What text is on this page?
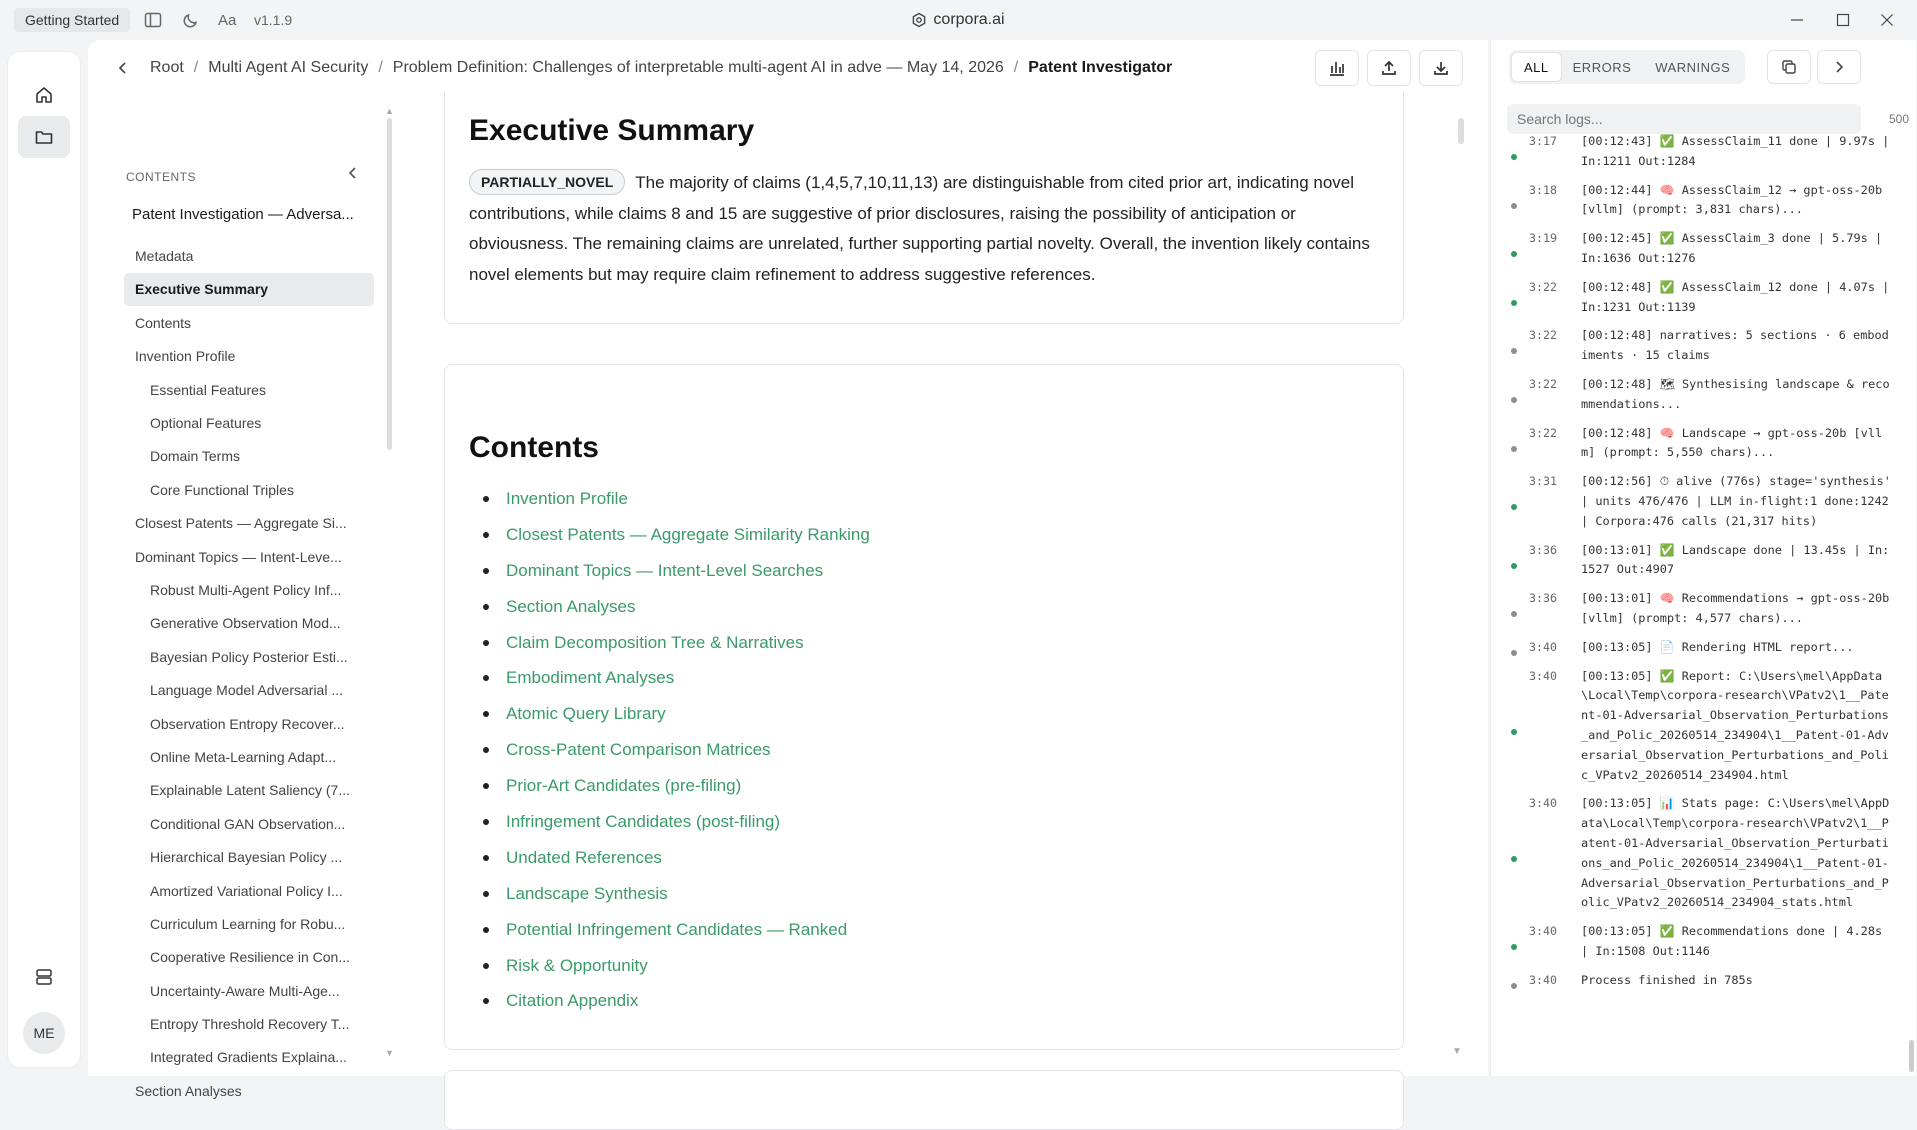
Getting Started	Aa v1.1.9	corpora.ai
ME
Root / Multi Agent AI Security / Problem Definition: Challenges of interpretable multi-agent AI in adve — May 14, 2026 / Patent Investigator
CONTENTS
Patent Investigation — Adversa...
Metadata
Executive Summary
Contents
Invention Profile
Essential Features
Optional Features
Domain Terms
Core Functional Triples
Closest Patents — Aggregate Si...
Dominant Topics — Intent-Leve...
Robust Multi-Agent Policy Inf...
Generative Observation Mod...
Bayesian Policy Posterior Esti...
Language Model Adversarial ...
Observation Entropy Recover...
Online Meta-Learning Adapt...
Explainable Latent Saliency (7...
Conditional GAN Observation...
Hierarchical Bayesian Policy ...
Amortized Variational Policy I...
Curriculum Learning for Robu...
Cooperative Resilience in Con...
Uncertainty-Aware Multi-Age...
Entropy Threshold Recovery T...
Integrated Gradients Explaina...
Section Analyses
▲
▼
Executive Summary
PARTIALLY_NOVEL The majority of claims (1,4,5,7,10,11,13) are distinguishable from cited prior art, indicating novel contributions, while claims 8 and 15 are suggestive of prior disclosures, raising the possibility of anticipation or obviousness. The remaining claims are unrelated, further supporting partial novelty. Overall, the invention likely contains novel elements but may require claim refinement to address suggestive references.
Contents
Invention Profile
Closest Patents — Aggregate Similarity Ranking
Dominant Topics — Intent-Level Searches
Section Analyses
Claim Decomposition Tree & Narratives
Embodiment Analyses
Atomic Query Library
Cross-Patent Comparison Matrices
Prior-Art Candidates (pre-filing)
Infringement Candidates (post-filing)
Undated References
Landscape Synthesis
Potential Infringement Candidates — Ranked
Risk & Opportunity
Citation Appendix
▼
ALL	ERRORS	WARNINGS
Search logs...
500
3:17 [00:12:43] ✅ AssessClaim_11 done | 9.97s | In:1211 Out:1284
3:18 [00:12:44] 🧠 AssessClaim_12 → gpt-oss-20b [vllm] (prompt: 3,831 chars)...
3:19 [00:12:45] ✅ AssessClaim_3 done | 5.79s | In:1636 Out:1276
3:22 [00:12:48] ✅ AssessClaim_12 done | 4.07s | In:1231 Out:1139
3:22 [00:12:48] narratives: 5 sections · 6 embodiments · 15 claims
3:22 [00:12:48] 🗺 Synthesising landscape & recommendations...
3:22 [00:12:48] 🧠 Landscape → gpt-oss-20b [vllm] (prompt: 5,550 chars)...
3:31 [00:12:56] ⏱ alive (776s) stage='synthesis' | units 476/476 | LLM in-flight:1 done:1242 | Corpora:476 calls (21,317 hits)
3:36 [00:13:01] ✅ Landscape done | 13.45s | In:1527 Out:4907
3:36 [00:13:01] 🧠 Recommendations → gpt-oss-20b [vllm] (prompt: 4,577 chars)...
3:40 [00:13:05] 📄 Rendering HTML report...
3:40 [00:13:05] ✅ Report: C:\Users\mel\AppData\Local\Temp\corpora-research\VPatv2\1__Patent-01-Adversarial_Observation_Perturbations_and_Polic_20260514_234904\1__Patent-01-Adversarial_Observation_Perturbations_and_Polic_VPatv2_20260514_234904.html
3:40 [00:13:05] 📊 Stats page: C:\Users\mel\AppData\Local\Temp\corpora-research\VPatv2\1__Patent-01-Adversarial_Observation_Perturbations_and_Polic_20260514_234904\1__Patent-01-Adversarial_Observation_Perturbations_and_Polic_VPatv2_20260514_234904_stats.html
3:40 [00:13:05] ✅ Recommendations done | 4.28s | In:1508 Out:1146
3:40 Process finished in 785s
